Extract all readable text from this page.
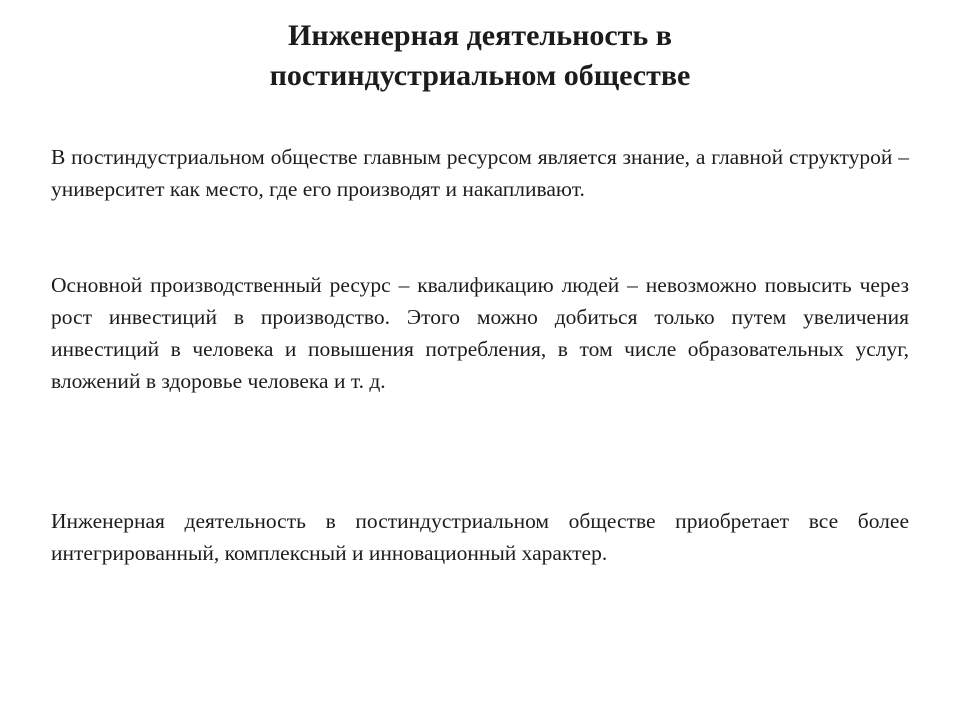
Инженерная деятельность в
постиндустриальном обществе

В постиндустриальном обществе главным ресурсом является знание, а главной структурой – университет как место, где его производят и накапливают.

Основной производственный ресурс – квалификацию людей – невозможно повысить через рост инвестиций в производство. Этого можно добиться только путем увеличения инвестиций в человека и повышения потребления, в том числе образовательных услуг, вложений в здоровье человека и т. д.

Инженерная деятельность в постиндустриальном обществе приобретает все более интегрированный, комплексный и инновационный характер.
